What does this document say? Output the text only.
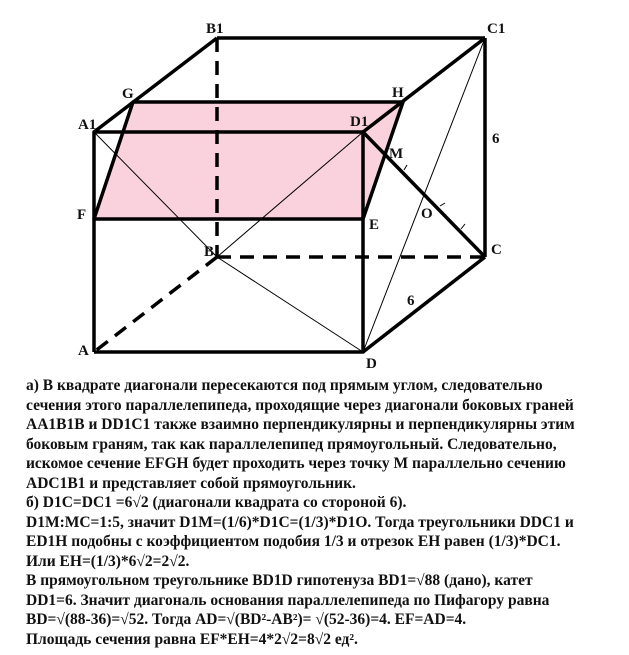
B1	C1
G	H
A1	D1
M
6
F
E
O
B	C
6
A
D
а) В квадрате диагонали пересекаются под прямым углом, следовательно
сечения этого параллелепипеда, проходящие через диагонали боковых граней
AA1B1B и DD1C1 также взаимно перпендикулярны и перпендикулярны этим
боковым граням, так как параллелепипед прямоугольный. Следовательно,
искомое сечение EFGH будет проходить через точку M параллельно сечению
ADC1B1 и представляет собой прямоугольник.
б) D1C=DC1 =6√2 (диагонали квадрата со стороной 6).
D1M:MC=1:5, значит D1M=(1/6)*D1C=(1/3)*D1O. Тогда треугольники DDC1 и
ED1H подобны с коэффициентом подобия 1/3 и отрезок EH равен (1/3)*DC1.
Или EH=(1/3)*6√2=2√2.
В прямоугольном треугольнике BD1D гипотенуза BD1=√88 (дано), катет
DD1=6. Значит диагональ основания параллелепипеда по Пифагору равна
BD=√(88-36)=√52. Тогда AD=√(BD²-AB²)= √(52-36)=4. EF=AD=4.
Площадь сечения равна EF*EH=4*2√2=8√2 ед².
